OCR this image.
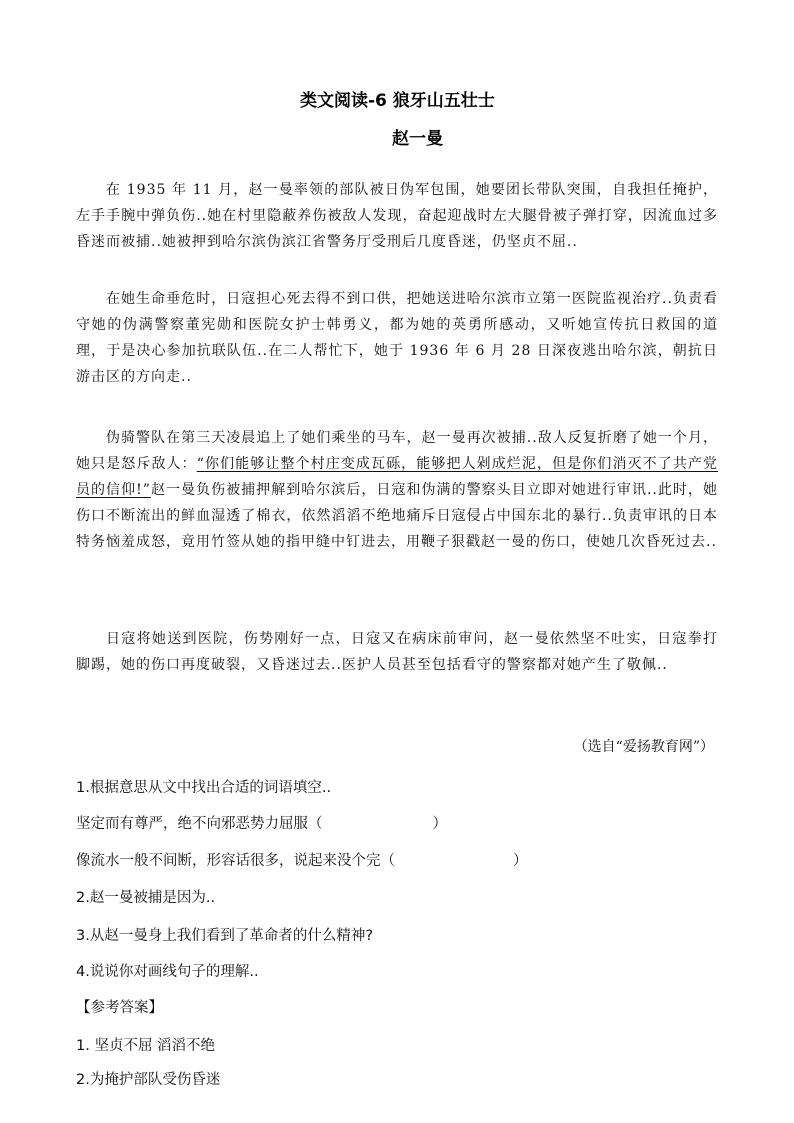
类文阅读-6 狼牙山五壮士
赵一曼
在 1935 年 11 月，赵一曼率领的部队被日伪军包围，她要团长带队突围，自我担任掩护，左手手腕中弹负伤..她在村里隐蔽养伤被敌人发现，奋起迎战时左大腿骨被子弹打穿，因流血过多昏迷而被捕..她被押到哈尔滨伪滨江省警务厅受刑后几度昏迷，仍坚贞不屈..
在她生命垂危时，日寇担心死去得不到口供，把她送进哈尔滨市立第一医院监视治疗..负责看守她的伪满警察董宪勋和医院女护士韩勇义，都为她的英勇所感动，又听她宣传抗日救国的道理，于是决心参加抗联队伍..在二人帮忙下，她于 1936 年 6 月 28 日深夜逃出哈尔滨，朝抗日游击区的方向走..
伪骑警队在第三天凌晨追上了她们乘坐的马车，赵一曼再次被捕..敌人反复折磨了她一个月，她只是怒斥敌人：“你们能够让整个村庄变成瓦砾，能够把人剁成烂泥，但是你们消灭不了共产党员的信仰!”赵一曼负伤被捕押解到哈尔滨后，日寇和伪满的警察头目立即对她进行审讯..此时，她伤口不断流出的鲜血湿透了棉衣，依然滔滔不绝地痛斥日寇侵占中国东北的暴行..负责审讯的日本特务恼羞成怒，竟用竹签从她的指甲缝中钉进去，用鞭子狠戳赵一曼的伤口，使她几次昏死过去..
日寇将她送到医院，伤势刚好一点，日寇又在病床前审问，赵一曼依然坚不吐实，日寇拳打脚踢，她的伤口再度破裂，又昏迷过去..医护人员甚至包括看守的警察都对她产生了敬佩..
（选自“爱扬教育网”）
1.根据意思从文中找出合适的词语填空..
坚定而有尊严，绝不向邪恶势力屈服（	）
像流水一般不间断，形容话很多，说起来没个完（	）
2.赵一曼被捕是因为..
3.从赵一曼身上我们看到了革命者的什么精神?
4.说说你对画线句子的理解..
【参考答案】
1. 坚贞不屈 滔滔不绝
2.为掩护部队受伤昏迷
